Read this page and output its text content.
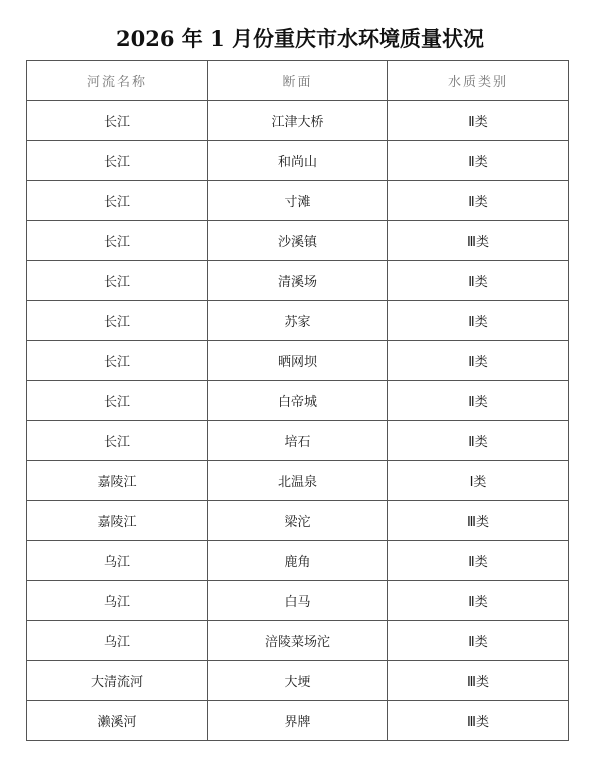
2026 年 1 月份重庆市水环境质量状况
河流名称	断面	水质类别
长江	江津大桥	Ⅱ类
长江	和尚山	Ⅱ类
长江	寸滩	Ⅱ类
长江	沙溪镇	Ⅲ类
长江	清溪场	Ⅱ类
长江	苏家	Ⅱ类
长江	晒网坝	Ⅱ类
长江	白帝城	Ⅱ类
长江	培石	Ⅱ类
嘉陵江	北温泉	Ⅰ类
嘉陵江	梁沱	Ⅲ类
乌江	鹿角	Ⅱ类
乌江	白马	Ⅱ类
乌江	涪陵菜场沱	Ⅱ类
大清流河	大埂	Ⅲ类
濑溪河	界牌	Ⅲ类
